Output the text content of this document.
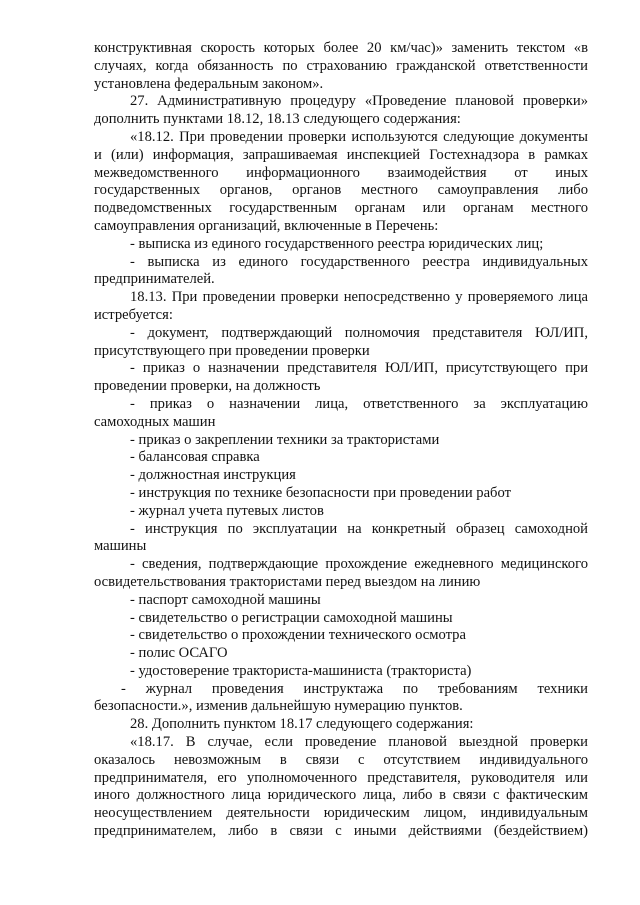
конструктивная скорость которых более 20 км/час)» заменить текстом «в
случаях, когда обязанность по страхованию гражданской ответственности
установлена федеральным законом».
27. Административную процедуру «Проведение плановой проверки»
дополнить пунктами 18.12, 18.13 следующего содержания:
«18.12. При проведении проверки используются следующие документы
и (или) информация, запрашиваемая инспекцией Гостехнадзора в рамках
межведомственного информационного взаимодействия от иных
государственных органов, органов местного самоуправления либо
подведомственных государственным органам или органам местного
самоуправления организаций, включенные в Перечень:
- выписка из единого государственного реестра юридических лиц;
- выписка из единого государственного реестра индивидуальных
предпринимателей.
18.13. При проведении проверки непосредственно у проверяемого лица
истребуется:
- документ, подтверждающий полномочия представителя ЮЛ/ИП,
присутствующего при проведении проверки
- приказ о назначении представителя ЮЛ/ИП, присутствующего при
проведении проверки, на должность
- приказ о назначении лица, ответственного за эксплуатацию
самоходных машин
- приказ о закреплении техники за трактористами
- балансовая справка
- должностная инструкция
- инструкция по технике безопасности при проведении работ
- журнал учета путевых листов
- инструкция по эксплуатации на конкретный образец самоходной
машины
- сведения, подтверждающие прохождение ежедневного медицинского
освидетельствования трактористами перед выездом на линию
- паспорт самоходной машины
- свидетельство о регистрации самоходной машины
- свидетельство о прохождении технического осмотра
- полис ОСАГО
- удостоверение тракториста-машиниста (тракториста)
- журнал проведения инструктажа по требованиям техники
безопасности.», изменив дальнейшую нумерацию пунктов.
28. Дополнить пунктом 18.17 следующего содержания:
«18.17. В случае, если проведение плановой выездной проверки
оказалось невозможным в связи с отсутствием индивидуального
предпринимателя, его уполномоченного представителя, руководителя или
иного должностного лица юридического лица, либо в связи с фактическим
неосуществлением деятельности юридическим лицом, индивидуальным
предпринимателем, либо в связи с иными действиями (бездействием)
